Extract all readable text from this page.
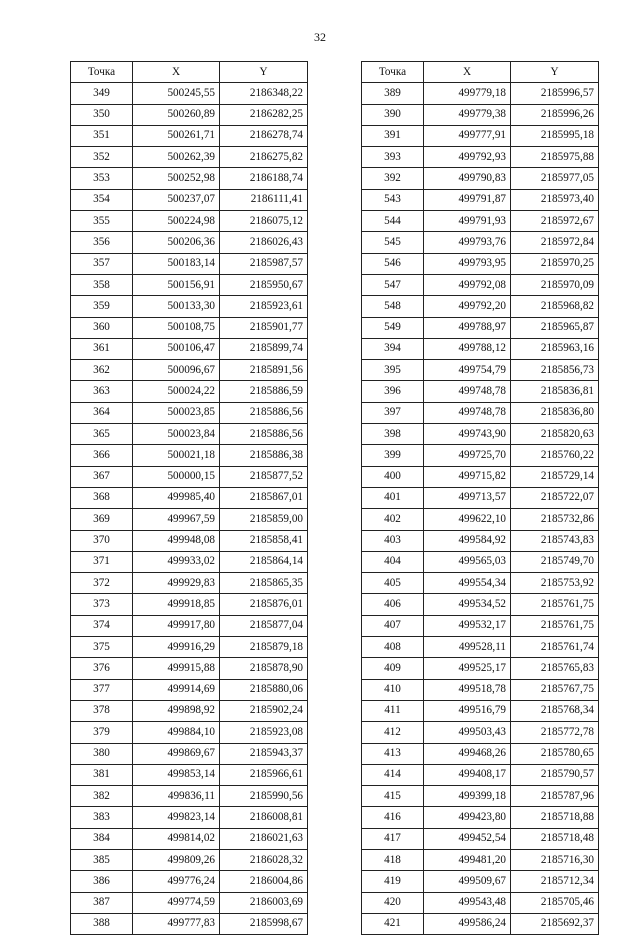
32
Точка	X	Y
349	500245,55	2186348,22
350	500260,89	2186282,25
351	500261,71	2186278,74
352	500262,39	2186275,82
353	500252,98	2186188,74
354	500237,07	2186111,41
355	500224,98	2186075,12
356	500206,36	2186026,43
357	500183,14	2185987,57
358	500156,91	2185950,67
359	500133,30	2185923,61
360	500108,75	2185901,77
361	500106,47	2185899,74
362	500096,67	2185891,56
363	500024,22	2185886,59
364	500023,85	2185886,56
365	500023,84	2185886,56
366	500021,18	2185886,38
367	500000,15	2185877,52
368	499985,40	2185867,01
369	499967,59	2185859,00
370	499948,08	2185858,41
371	499933,02	2185864,14
372	499929,83	2185865,35
373	499918,85	2185876,01
374	499917,80	2185877,04
375	499916,29	2185879,18
376	499915,88	2185878,90
377	499914,69	2185880,06
378	499898,92	2185902,24
379	499884,10	2185923,08
380	499869,67	2185943,37
381	499853,14	2185966,61
382	499836,11	2185990,56
383	499823,14	2186008,81
384	499814,02	2186021,63
385	499809,26	2186028,32
386	499776,24	2186004,86
387	499774,59	2186003,69
388	499777,83	2185998,67
Точка	X	Y
389	499779,18	2185996,57
390	499779,38	2185996,26
391	499777,91	2185995,18
393	499792,93	2185975,88
392	499790,83	2185977,05
543	499791,87	2185973,40
544	499791,93	2185972,67
545	499793,76	2185972,84
546	499793,95	2185970,25
547	499792,08	2185970,09
548	499792,20	2185968,82
549	499788,97	2185965,87
394	499788,12	2185963,16
395	499754,79	2185856,73
396	499748,78	2185836,81
397	499748,78	2185836,80
398	499743,90	2185820,63
399	499725,70	2185760,22
400	499715,82	2185729,14
401	499713,57	2185722,07
402	499622,10	2185732,86
403	499584,92	2185743,83
404	499565,03	2185749,70
405	499554,34	2185753,92
406	499534,52	2185761,75
407	499532,17	2185761,75
408	499528,11	2185761,74
409	499525,17	2185765,83
410	499518,78	2185767,75
411	499516,79	2185768,34
412	499503,43	2185772,78
413	499468,26	2185780,65
414	499408,17	2185790,57
415	499399,18	2185787,96
416	499423,80	2185718,88
417	499452,54	2185718,48
418	499481,20	2185716,30
419	499509,67	2185712,34
420	499543,48	2185705,46
421	499586,24	2185692,37
